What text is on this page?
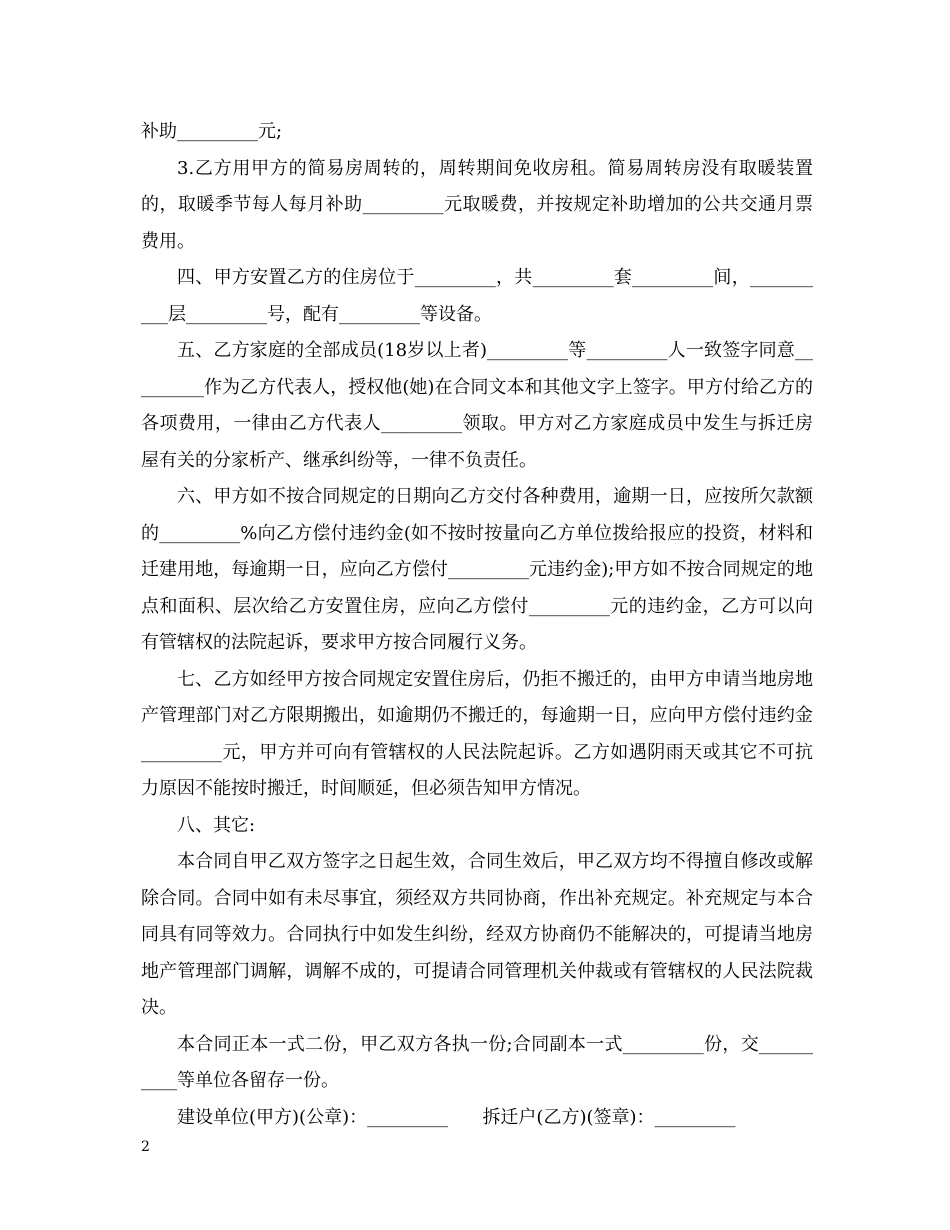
补助_________元;

3.乙方用甲方的简易房周转的，周转期间免收房租。简易周转房没有取暖装置的，取暖季节每人每月补助_________元取暖费，并按规定补助增加的公共交通月票费用。

四、甲方安置乙方的住房位于_________，共_________套_________间，__________层_________号，配有_________等设备。

五、乙方家庭的全部成员(18岁以上者)_________等_________人一致签字同意_________作为乙方代表人，授权他(她)在合同文本和其他文字上签字。甲方付给乙方的各项费用，一律由乙方代表人_________领取。甲方对乙方家庭成员中发生与拆迁房屋有关的分家析产、继承纠纷等，一律不负责任。

六、甲方如不按合同规定的日期向乙方交付各种费用，逾期一日，应按所欠款额的_________%向乙方偿付违约金(如不按时按量向乙方单位拨给报应的投资，材料和迁建用地，每逾期一日，应向乙方偿付_________元违约金);甲方如不按合同规定的地点和面积、层次给乙方安置住房，应向乙方偿付_________元的违约金，乙方可以向有管辖权的法院起诉，要求甲方按合同履行义务。

七、乙方如经甲方按合同规定安置住房后，仍拒不搬迁的，由甲方申请当地房地产管理部门对乙方限期搬出，如逾期仍不搬迁的，每逾期一日，应向甲方偿付违约金_________元，甲方并可向有管辖权的人民法院起诉。乙方如遇阴雨天或其它不可抗力原因不能按时搬迁，时间顺延，但必须告知甲方情况。

八、其它:

本合同自甲乙双方签字之日起生效，合同生效后，甲乙双方均不得擅自修改或解除合同。合同中如有未尽事宜，须经双方共同协商，作出补充规定。补充规定与本合同具有同等效力。合同执行中如发生纠纷，经双方协商仍不能解决的，可提请当地房地产管理部门调解，调解不成的，可提请合同管理机关仲裁或有管辖权的人民法院裁决。

本合同正本一式二份，甲乙双方各执一份;合同副本一式_________份，交__________等单位各留存一份。

建设单位(甲方)(公章)：_________ 拆迁户(乙方)(签章)：_________

2
